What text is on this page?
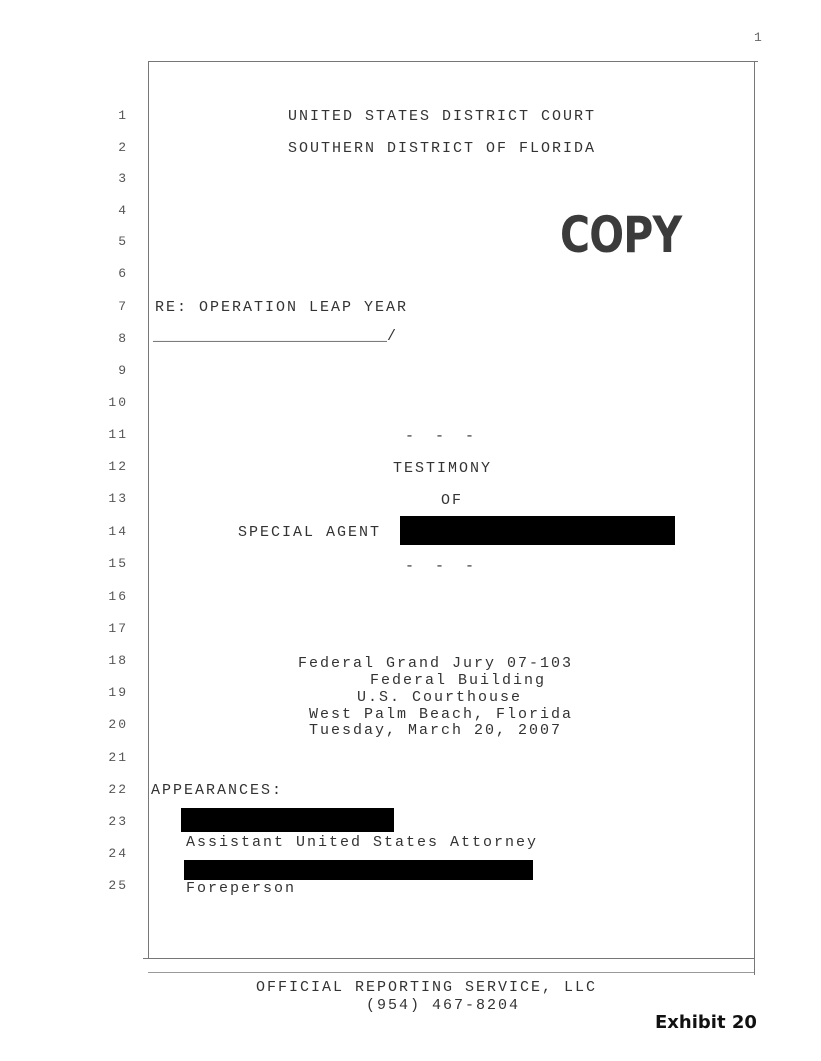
1
1
2
3
4
5
6
7
8
9
10
11
12
13
14
15
16
17
18
19
20
21
22
23
24
25
UNITED STATES DISTRICT COURT
SOUTHERN DISTRICT OF FLORIDA
COPY
RE: OPERATION LEAP YEAR
__________________________/
- - -
TESTIMONY
OF
SPECIAL AGENT
- - -
Federal Grand Jury 07-103
Federal Building
U.S. Courthouse
West Palm Beach, Florida
Tuesday, March 20, 2007
APPEARANCES:
Assistant United States Attorney
Foreperson
OFFICIAL REPORTING SERVICE, LLC
(954) 467-8204
Exhibit 20
